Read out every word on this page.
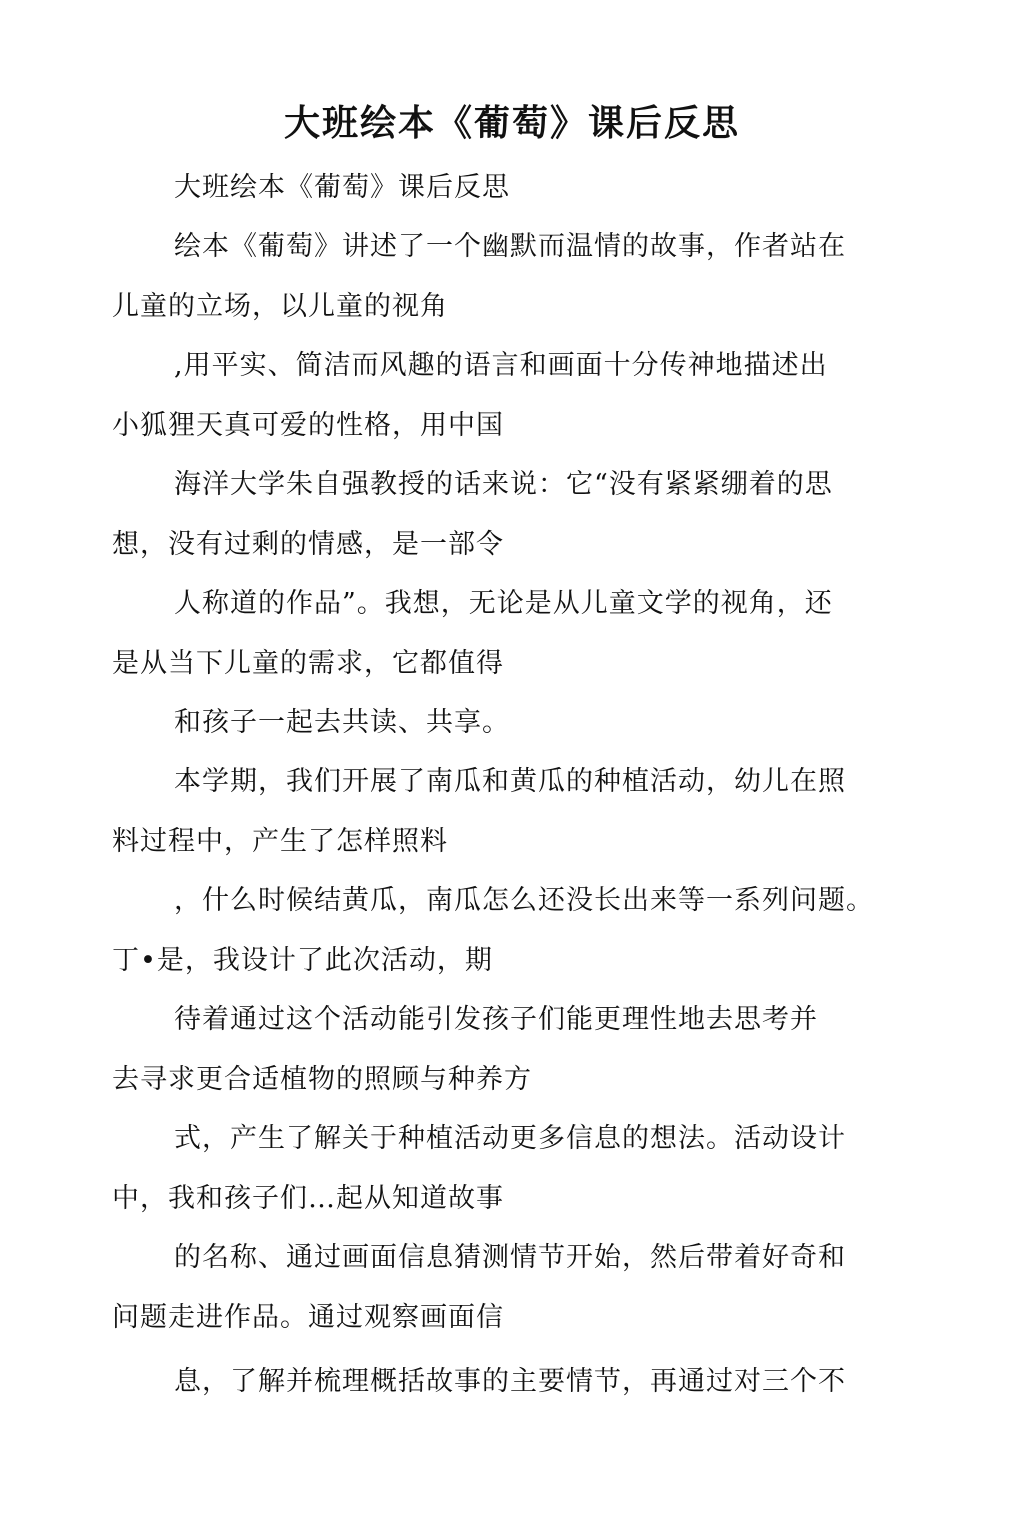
大班绘本《葡萄》课后反思

大班绘本《葡萄》课后反思

绘本《葡萄》讲述了一个幽默而温情的故事，作者站在

儿童的立场，以儿童的视角

,用平实、简洁而风趣的语言和画面十分传神地描述出

小狐狸天真可爱的性格，用中国

海洋大学朱自强教授的话来说：它“没有紧紧绷着的思

想，没有过剩的情感，是一部令

人称道的作品”。我想，无论是从儿童文学的视角，还

是从当下儿童的需求，它都值得

和孩子一起去共读、共享。

本学期，我们开展了南瓜和黄瓜的种植活动，幼儿在照

料过程中，产生了怎样照料

，什么时候结黄瓜，南瓜怎么还没长出来等一系列问题。

丁•是，我设计了此次活动，期

待着通过这个活动能引发孩子们能更理性地去思考并

去寻求更合适植物的照顾与种养方

式，产生了解关于种植活动更多信息的想法。活动设计

中，我和孩子们…起从知道故事

的名称、通过画面信息猜测情节开始，然后带着好奇和

问题走进作品。通过观察画面信

息，了解并梳理概括故事的主要情节，再通过对三个不
